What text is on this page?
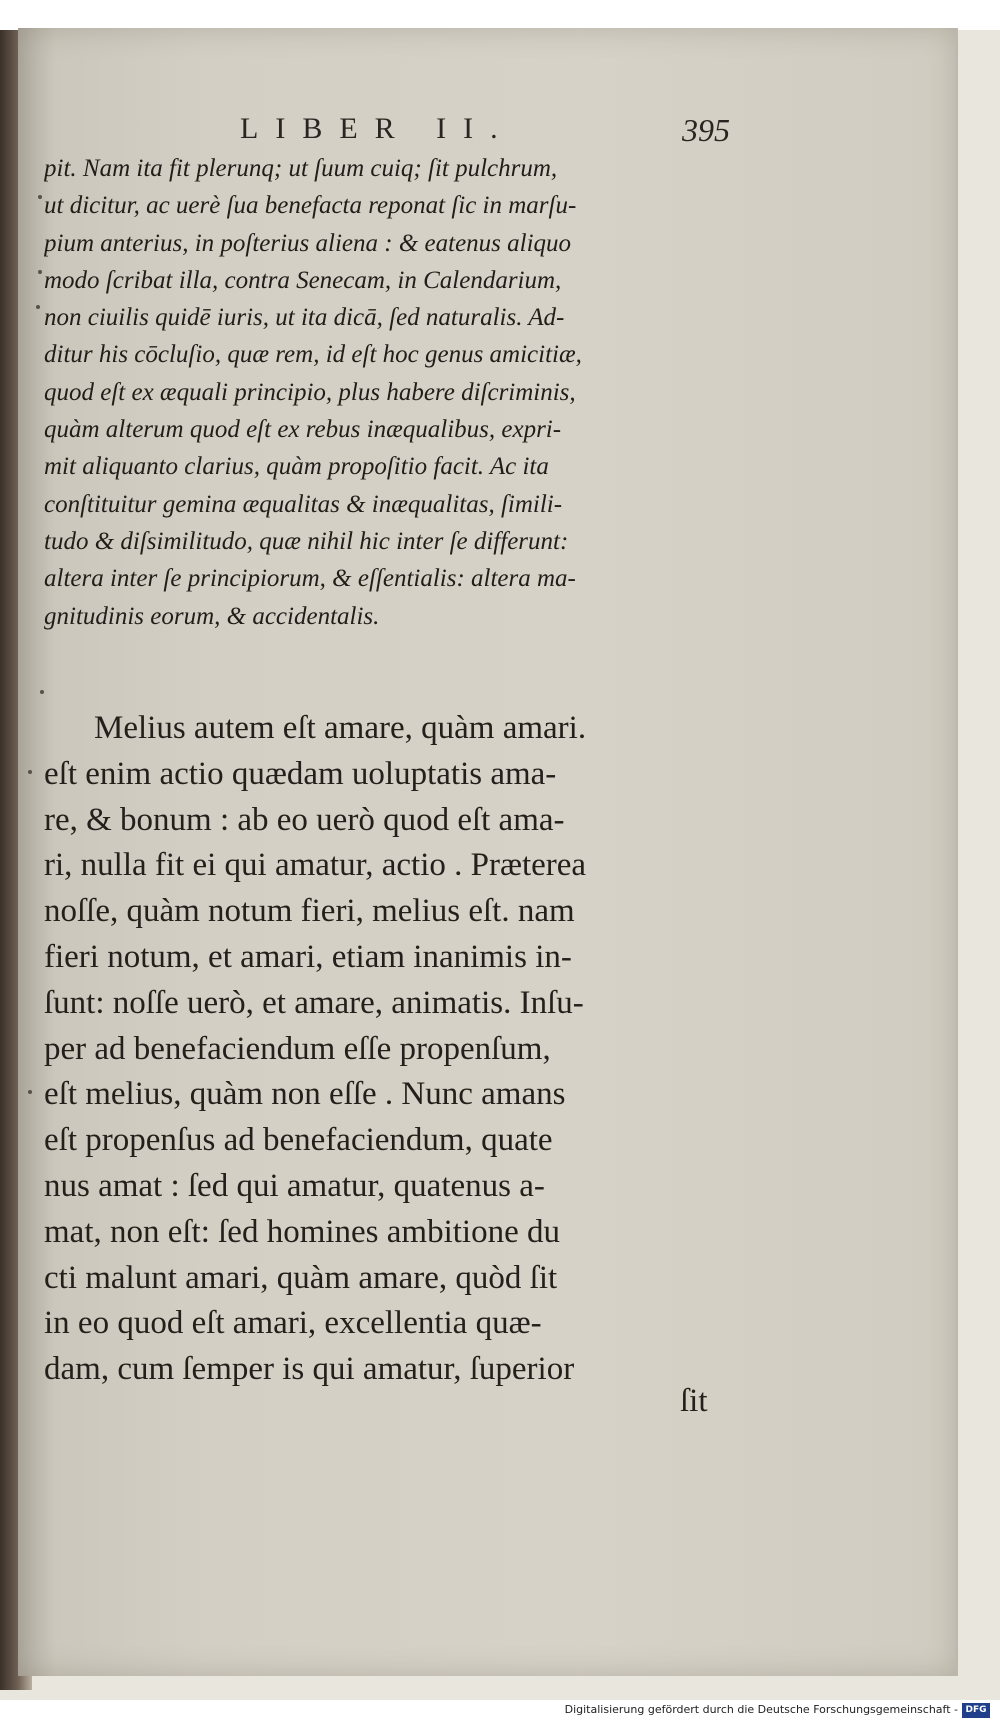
LIBER II.	395
pit. Nam ita fit plerunq; ut ſuum cuiq; ſit pulchrum,
ut dicitur, ac uerè ſua benefacta reponat ſic in marſu-
pium anterius, in poſterius aliena : & eatenus aliquo
modo ſcribat illa, contra Senecam, in Calendarium,
non ciuilis quidē iuris, ut ita dicā, ſed naturalis. Ad-
ditur his cōcluſio, quæ rem, id eſt hoc genus amicitiæ,
quod eſt ex æquali principio, plus habere diſcriminis,
quàm alterum quod eſt ex rebus inæqualibus, expri-
mit aliquanto clarius, quàm propoſitio facit. Ac ita
conſtituitur gemina æqualitas & inæqualitas, ſimili-
tudo & diſsimilitudo, quæ nihil hic inter ſe differunt:
altera inter ſe principiorum, & eſſentialis: altera ma-
gnitudinis eorum, & accidentalis.
Melius autem eſt amare, quàm amari.
eſt enim actio quædam uoluptatis ama-
re, & bonum : ab eo uerò quod eſt ama-
ri, nulla fit ei qui amatur, actio . Præterea
noſſe, quàm notum fieri, melius eſt. nam
fieri notum, et amari, etiam inanimis in-
ſunt: noſſe uerò, et amare, animatis. Inſu-
per ad benefaciendum eſſe propenſum,
eſt melius, quàm non eſſe . Nunc amans
eſt propenſus ad benefaciendum, quate
nus amat : ſed qui amatur, quatenus a-
mat, non eſt: ſed homines ambitione du
cti malunt amari, quàm amare, quòd ſit
in eo quod eſt amari, excellentia quæ-
dam, cum ſemper is qui amatur, ſuperior
ſit
Digitalisierung gefördert durch die Deutsche Forschungsgemeinschaft - DFG
